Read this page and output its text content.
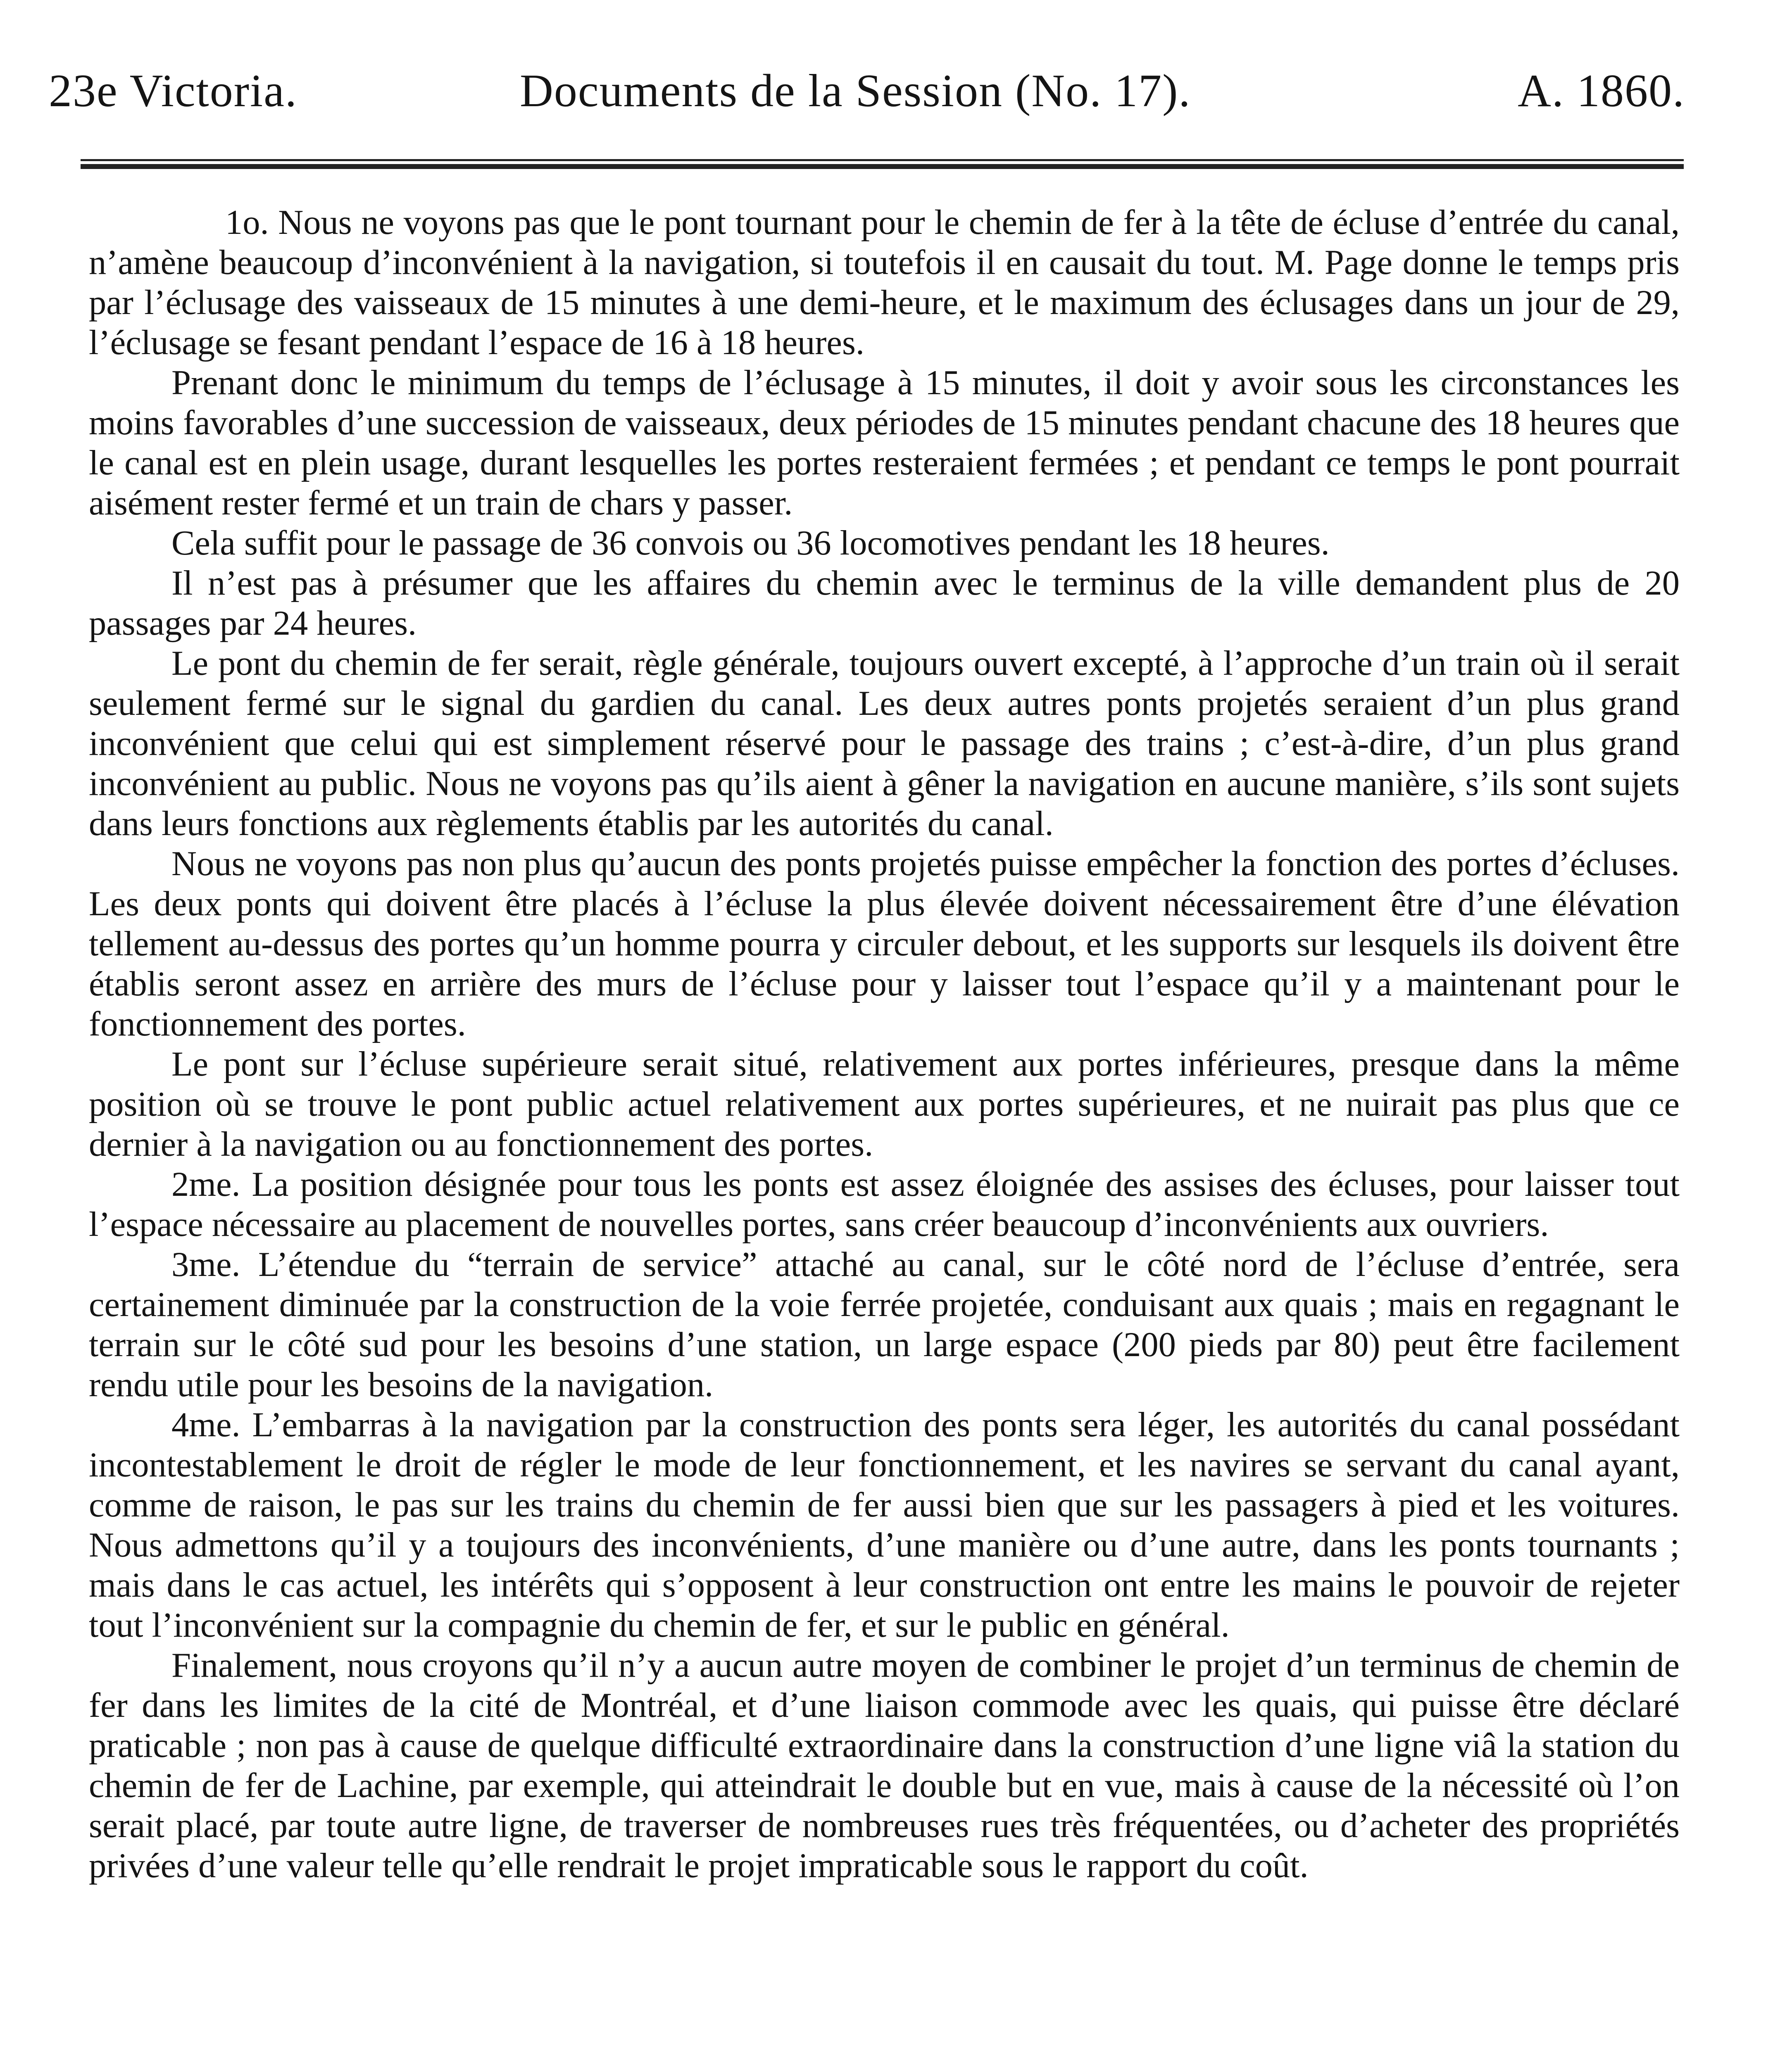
23e Victoria.	Documents de la Session (No. 17).	A. 1860.

1o. Nous ne voyons pas que le pont tournant pour le chemin de fer à la tête de écluse d’entrée du canal, n’amène beaucoup d’inconvénient à la navigation, si toutefois il en causait du tout. M. Page donne le temps pris par l’éclusage des vaisseaux de 15 minutes à une demi-heure, et le maximum des éclusages dans un jour de 29, l’éclusage se fesant pendant l’espace de 16 à 18 heures.

Prenant donc le minimum du temps de l’éclusage à 15 minutes, il doit y avoir sous les circonstances les moins favorables d’une succession de vaisseaux, deux périodes de 15 minutes pendant chacune des 18 heures que le canal est en plein usage, durant lesquelles les portes resteraient fermées ; et pendant ce temps le pont pourrait aisément rester fermé et un train de chars y passer.

Cela suffit pour le passage de 36 convois ou 36 locomotives pendant les 18 heures.

Il n’est pas à présumer que les affaires du chemin avec le terminus de la ville demandent plus de 20 passages par 24 heures.

Le pont du chemin de fer serait, règle générale, toujours ouvert excepté, à l’approche d’un train où il serait seulement fermé sur le signal du gardien du canal. Les deux autres ponts projetés seraient d’un plus grand inconvénient que celui qui est simplement réservé pour le passage des trains ; c’est-à-dire, d’un plus grand inconvénient au public. Nous ne voyons pas qu’ils aient à gêner la navigation en aucune manière, s’ils sont sujets dans leurs fonctions aux règlements établis par les autorités du canal.

Nous ne voyons pas non plus qu’aucun des ponts projetés puisse empêcher la fonction des portes d’écluses. Les deux ponts qui doivent être placés à l’écluse la plus élevée doivent nécessairement être d’une élévation tellement au-dessus des portes qu’un homme pourra y circuler debout, et les supports sur lesquels ils doivent être établis seront assez en arrière des murs de l’écluse pour y laisser tout l’espace qu’il y a maintenant pour le fonctionnement des portes.

Le pont sur l’écluse supérieure serait situé, relativement aux portes inférieures, presque dans la même position où se trouve le pont public actuel relativement aux portes supérieures, et ne nuirait pas plus que ce dernier à la navigation ou au fonctionnement des portes.

2me. La position désignée pour tous les ponts est assez éloignée des assises des écluses, pour laisser tout l’espace nécessaire au placement de nouvelles portes, sans créer beaucoup d’inconvénients aux ouvriers.

3me. L’étendue du “terrain de service” attaché au canal, sur le côté nord de l’écluse d’entrée, sera certainement diminuée par la construction de la voie ferrée projetée, conduisant aux quais ; mais en regagnant le terrain sur le côté sud pour les besoins d’une station, un large espace (200 pieds par 80) peut être facilement rendu utile pour les besoins de la navigation.

4me. L’embarras à la navigation par la construction des ponts sera léger, les autorités du canal possédant incontestablement le droit de régler le mode de leur fonctionnement, et les navires se servant du canal ayant, comme de raison, le pas sur les trains du chemin de fer aussi bien que sur les passagers à pied et les voitures. Nous admettons qu’il y a toujours des inconvénients, d’une manière ou d’une autre, dans les ponts tournants ; mais dans le cas actuel, les intérêts qui s’opposent à leur construction ont entre les mains le pouvoir de rejeter tout l’inconvénient sur la compagnie du chemin de fer, et sur le public en général.

Finalement, nous croyons qu’il n’y a aucun autre moyen de combiner le projet d’un terminus de chemin de fer dans les limites de la cité de Montréal, et d’une liaison commode avec les quais, qui puisse être déclaré praticable ; non pas à cause de quelque difficulté extraordinaire dans la construction d’une ligne viâ la station du chemin de fer de Lachine, par exemple, qui atteindrait le double but en vue, mais à cause de la nécessité où l’on serait placé, par toute autre ligne, de traverser de nombreuses rues très fréquentées, ou d’acheter des propriétés privées d’une valeur telle qu’elle rendrait le projet impraticable sous le rapport du coût.
